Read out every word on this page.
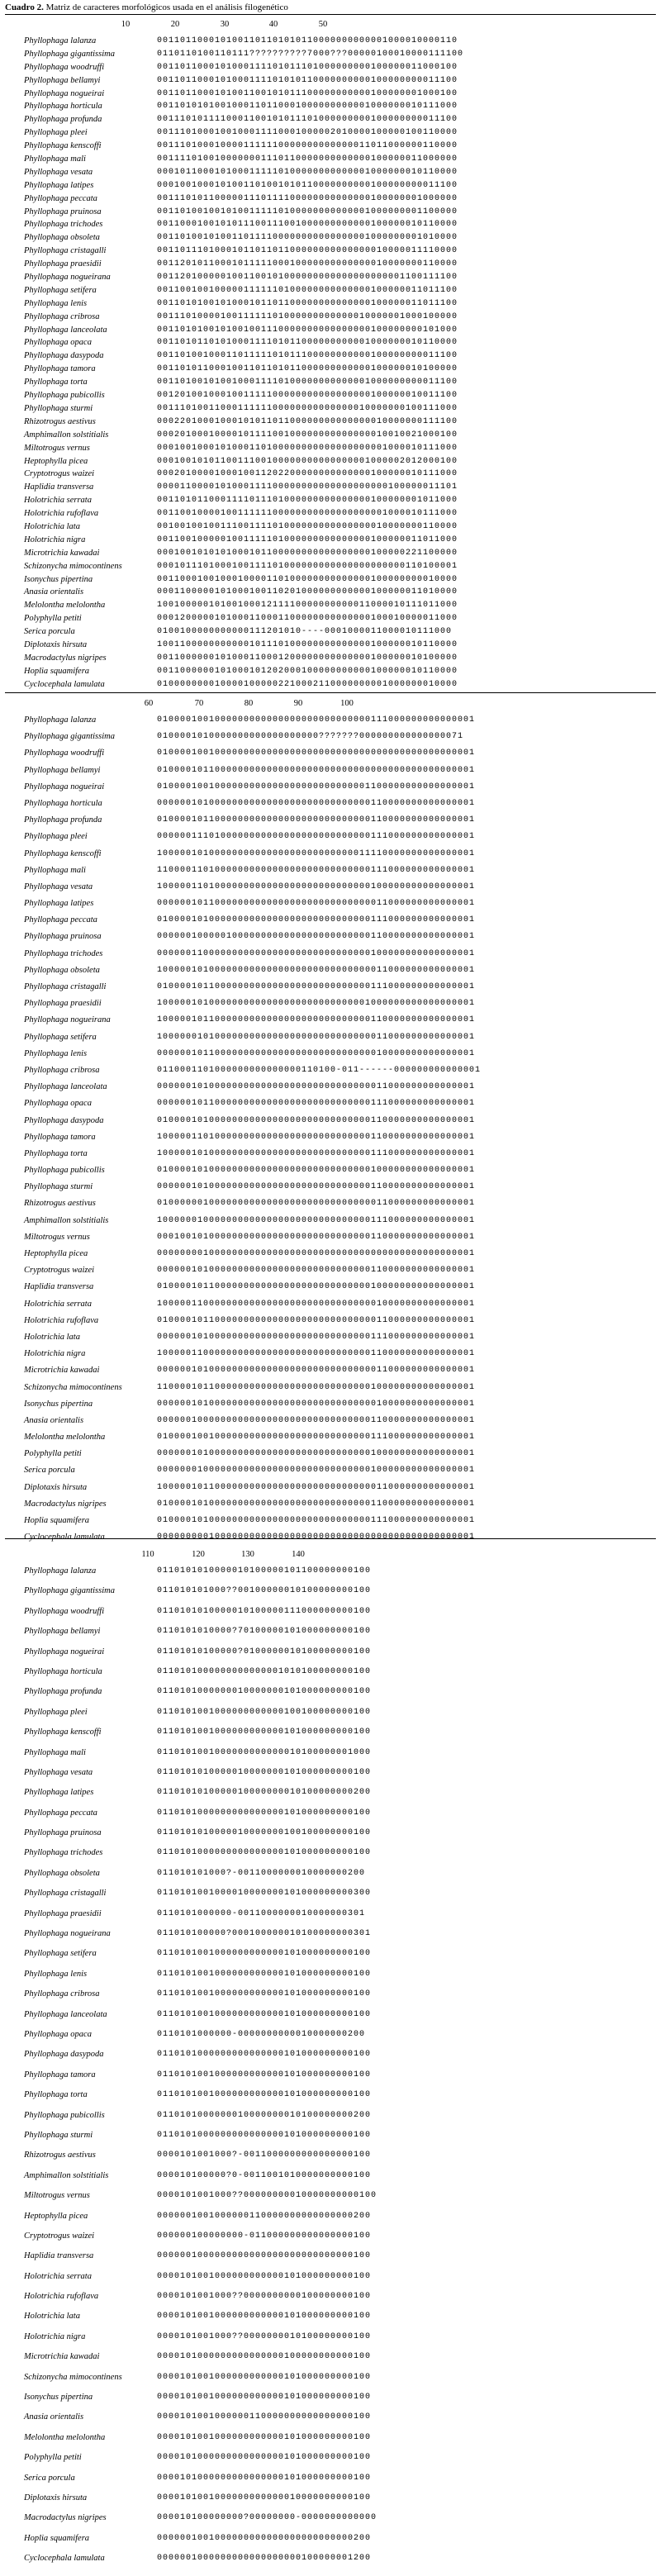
Cuadro 2. Matriz de caracteres morfológicos usada en el análisis filogenético
10	20	30	40	50
Phyllophaga lalanza	0011011000101001101101010110000000000001000010000110
Phyllophaga gigantissima	0110110100110111??????????7000???00000100010000111100
Phyllophaga woodruffi	0011011000101000111101011101000000000100000011000100
Phyllophaga bellamyi	0011011000101000111101010110000000000100000000011100
Phyllophaga nogueirai	0011011000101001100101011100000000000100000001000100
Phyllophaga horticula	0011010101001000110110001000000000001000000010111000
Phyllophaga profunda	0011101011110001100101011101000000000100000000011100
Phyllophaga pleei	0011101000100100011110001000002010000100000100110000
Phyllophaga kenscoffi	0011101000100001111110000000000000011011000000110000
Phyllophaga mali	0011110100100000001110110000000000000100000011000000
Phyllophaga vesata	0001011000101000111110100000000000001000000010110000
Phyllophaga latipes	0001001000101001101001010110000000000100000000011100
Phyllophaga peccata	0011101011000001110111100000000000000100000001000000
Phyllophaga pruinosa	0011010010010100111110100000000000001000000001100000
Phyllophaga trichodes	0011000100101011100111001000000000000100000010110000
Phyllophaga obsoleta	0011010010100110111100000000000000001000000001010000
Phyllophaga cristagalli	0011011101000101101101100000000000000010000011110000
Phyllophaga praesidii	0011201011000101111100010000000000000010000000110000
Phyllophaga nogueirana	0011201000001001100101000000000000000000001100111100
Phyllophaga setifera	0011001001000001111110100000000000000100000011011100
Phyllophaga lenis	0011010100101000101101100000000000000100000011011100
Phyllophaga cribrosa	0011101000010011111101000000000000010000001000100000
Phyllophaga lanceolata	0011010100101001001110000000000000000100000000101000
Phyllophaga opaca	0011010110101000111101011000000000001000000010110000
Phyllophaga dasypoda	0011010010001101111101011100000000000100000000011100
Phyllophaga tamora	0011010110001001101101011000000000000100000010100000
Phyllophaga torta	0011010010100100011110100000000000001000000000011100
Phyllophaga pubicollis	0012010010001001111100000000000000000100000010011100
Phyllophaga sturmi	0011101001100011111100000000000000010000000100111000
Rhizotrogus aestivus	0002201000100010101101100000000000000010000000111100
Amphimallon solstitialis	0002010001000010111100100000000000000010010021000100
Miltotrogus vernus	0001001000101000110100000000000000000001000010111000
Heptophylla picea	0001001010110011100100000000000000001000002012000100
Cryptotrogus waizei	0002010000100010011202200000000000000100000010111000
Haplidia transversa	0000110000101000111100000000000000000000100000011101
Holotrichia serrata	0011010110001111011101000000000000000100000001011000
Holotrichia rufoflava	0011001000010011111100000000000000000001000010111000
Holotrichia lata	0010010010011100111101000000000000000010000000110000
Holotrichia nigra	0011001000001001111101000000000000000100000011011000
Microtrichia kawadai	0001001010101000101100000000000000000100000221100000
Schizonycha mimocontinens	0001011101000100111101000000000000000000000110100001
Isonychus pipertina	0011000100100010000110100000000000000100000000010000
Anasia orientalis	0001100000101000100110201000000000000100000011010000
Melolontha melolontha	1001000001010010001211110000000000011000010111011000
Polyphylla petiti	0001200000101000110001100000000000000100010000011000
Serica porcula	0100100000000000111201010----0001000011000010111000
Diplotaxis hirsuta	1001100000000000101110100000000000000100000010110000
Macrodactylus nigripes	0011000000101000110001200000000000000100000010100000
Hoplia squamifera	0011000000101000101202000100000000000100000010110000
Cyclocephala lamulata	0100000000100001000002210002110000000001000000010000
60	70	80	90	100
Phyllophaga lalanza	0100001001000000000000000000000000000111000000000000001
Phyllophaga gigantissima	0100001010000000000000000000???????000000000000000071
Phyllophaga woodruffi	0100001001000000000000000000000000000000000000000000001
Phyllophaga bellamyi	0100001011000000000000000000000000000000000000000000001
Phyllophaga nogueirai	0100001001000000000000000000000000001100000000000000001
Phyllophaga horticula	0000001010000000000000000000000000000110000000000000001
Phyllophaga profunda	0100001011000000000000000000000000000110000000000000001
Phyllophaga pleei	0000001110100000000000000000000000000111000000000000001
Phyllophaga kenscoffi	1000001010000000000000000000000000011110000000000000001
Phyllophaga mali	1100001101000000000000000000000000000111000000000000001
Phyllophaga vesata	1000001101000000000000000000000000000100000000000000001
Phyllophaga latipes	0000001011000000000000000000000000000011000000000000001
Phyllophaga peccata	0100001010000000000000000000000000000111000000000000001
Phyllophaga pruinosa	0000001000001000000000000000000000000110000000000000001
Phyllophaga trichodes	0000001100000000000000000000000000000100000000000000001
Phyllophaga obsoleta	1000001010000000000000000000000000000011000000000000001
Phyllophaga cristagalli	0100001011000000000000000000000000000111000000000000001
Phyllophaga praesidii	1000001010000000000000000000000000001000000000000000001
Phyllophaga nogueirana	1000001011000000000000000000000000000110000000000000001
Phyllophaga setifera	1000000101000000000000000000000000000011000000000000001
Phyllophaga lenis	0000001011000000000000000000000000000010000000000000001
Phyllophaga cribrosa	0110001101000000000000000110100-011------000000000000001
Phyllophaga lanceolata	0000001010000000000000000000000000000011000000000000001
Phyllophaga opaca	0000001011000000000000000000000000000111000000000000001
Phyllophaga dasypoda	0100001010000000000000000000000000000110000000000000001
Phyllophaga tamora	1000001101000000000000000000000000000110000000000000001
Phyllophaga torta	1000001010000000000000000000000000000111000000000000001
Phyllophaga pubicollis	0100001010000000000000000000000000000100000000000000001
Phyllophaga sturmi	0000001010000000000000000000000000000110000000000000001
Rhizotrogus aestivus	0100000010000000000000000000000000000011000000000000001
Amphimallon solstitialis	1000000100000000000000000000000000000111000000000000001
Miltotrogus vernus	0001001010000000000000000000000000000110000000000000001
Heptophylla picea	0000000010000000000000000000000000000000000000000000001
Cryptotrogus waizei	0000001010000000000000000000000000000110000000000000001
Haplidia transversa	0100001011000000000000000000000000000100000000000000001
Holotrichia serrata	1000001100000000000000000000000000000010000000000000001
Holotrichia rufoflava	0100001011000000000000000000000000000011000000000000001
Holotrichia lata	0000001010000000000000000000000000000111000000000000001
Holotrichia nigra	1000001100000000000000000000000000000110000000000000001
Microtrichia kawadai	0000001010000000000000000000000000000011000000000000001
Schizonycha mimocontinens	1100001011000000000000000000000000000100000000000000001
Isonychus pipertina	0000001010000000000000000000000000000010000000000000001
Anasia orientalis	0000001000000000000000000000000000000110000000000000001
Melolontha melolontha	0100001001000000000000000000000000000111000000000000001
Polyphylla petiti	0000001010000000000000000000000000000100000000000000001
Serica porcula	0000000100000000000000000000000000000100000000000000001
Diplotaxis hirsuta	1000001011000000000000000000000000000011000000000000001
Macrodactylus nigripes	0100001010000000000000000000000000000110000000000000001
Hoplia squamifera	0100001010000000000000000000000000000111000000000000001
Cyclocephala lamulata	0000000001000000000000000000000000000000000000000000001
110	120	130	140
Phyllophaga lalanza	0110101010000010100000101100000000100
Phyllophaga gigantissima	011010101000??00100000010100000000100
Phyllophaga woodruffi	0110101010000010100000111000000000100
Phyllophaga bellamyi	0110101010000?70100000101000000000100
Phyllophaga nogueirai	01101010100000?0100000010100000000100
Phyllophaga horticula	0110101000000000000001010100000000100
Phyllophaga profunda	0110101000000010000000101000000000100
Phyllophaga pleei	0110101001000000000000100100000000100
Phyllophaga kenscoffi	0110101001000000000000101000000000100
Phyllophaga mali	0110101001000000000000010100000001000
Phyllophaga vesata	0110101010000010000000101000000000100
Phyllophaga latipes	0110101010000010000000010100000000200
Phyllophaga peccata	0110101000000000000000101000000000100
Phyllophaga pruinosa	0110101010000010000000100100000000100
Phyllophaga trichodes	0110101000000000000000101000000000100
Phyllophaga obsoleta	011010101000?-0011000000010000000200
Phyllophaga cristagalli	0110101001000010000000101000000000300
Phyllophaga praesidii	0110101000000-0011000000010000000301
Phyllophaga nogueirana	011010100000?000100000010100000000301
Phyllophaga setifera	0110101001000000000000101000000000100
Phyllophaga lenis	0110101001000000000000101000000000100
Phyllophaga cribrosa	0110101001000000000000101000000000100
Phyllophaga lanceolata	0110101001000000000000101000000000100
Phyllophaga opaca	0110101000000-0000000000010000000200
Phyllophaga dasypoda	0110101000000000000000101000000000100
Phyllophaga tamora	0110101001000000000000101000000000100
Phyllophaga torta	0110101001000000000000101000000000100
Phyllophaga pubicollis	0110101000000010000000010100000000200
Phyllophaga sturmi	0110101000000000000000101000000000100
Rhizotrogus aestivus	0000101001000?-0011000000000000000100
Amphimallon solstitialis	000010100000?0-0011001010000000000100
Miltotrogus vernus	0000101001000??00000000010000000000100
Heptophylla picea	0000001001000000110000000000000000200
Cryptotrogus waizei	000000100000000-011000000000000000100
Haplidia transversa	0000001000000000000000000000000000100
Holotrichia serrata	0000101001000000000000101000000000100
Holotrichia rufoflava	0000101001000??0000000000100000000100
Holotrichia lata	0000101001000000000000101000000000100
Holotrichia nigra	0000101001000??0000000010100000000100
Microtrichia kawadai	0000101000000000000000100000000000100
Schizonycha mimocontinens	0000101001000000000000101000000000100
Isonychus pipertina	0000101001000000000000101000000000100
Anasia orientalis	0000101001000000110000000000000000100
Melolontha melolontha	0000101001000000000000101000000000100
Polyphylla petiti	0000101000000000000000101000000000100
Serica porcula	0000101000000000000000101000000000100
Diplotaxis hirsuta	0000101001000000000000010000000000100
Macrodactylus nigripes	000010100000000?00000000-0000000000000
Hoplia squamifera	0000001001000000000000000000000000200
Cyclocephala lamulata	0000001000000000000000000100000001200
